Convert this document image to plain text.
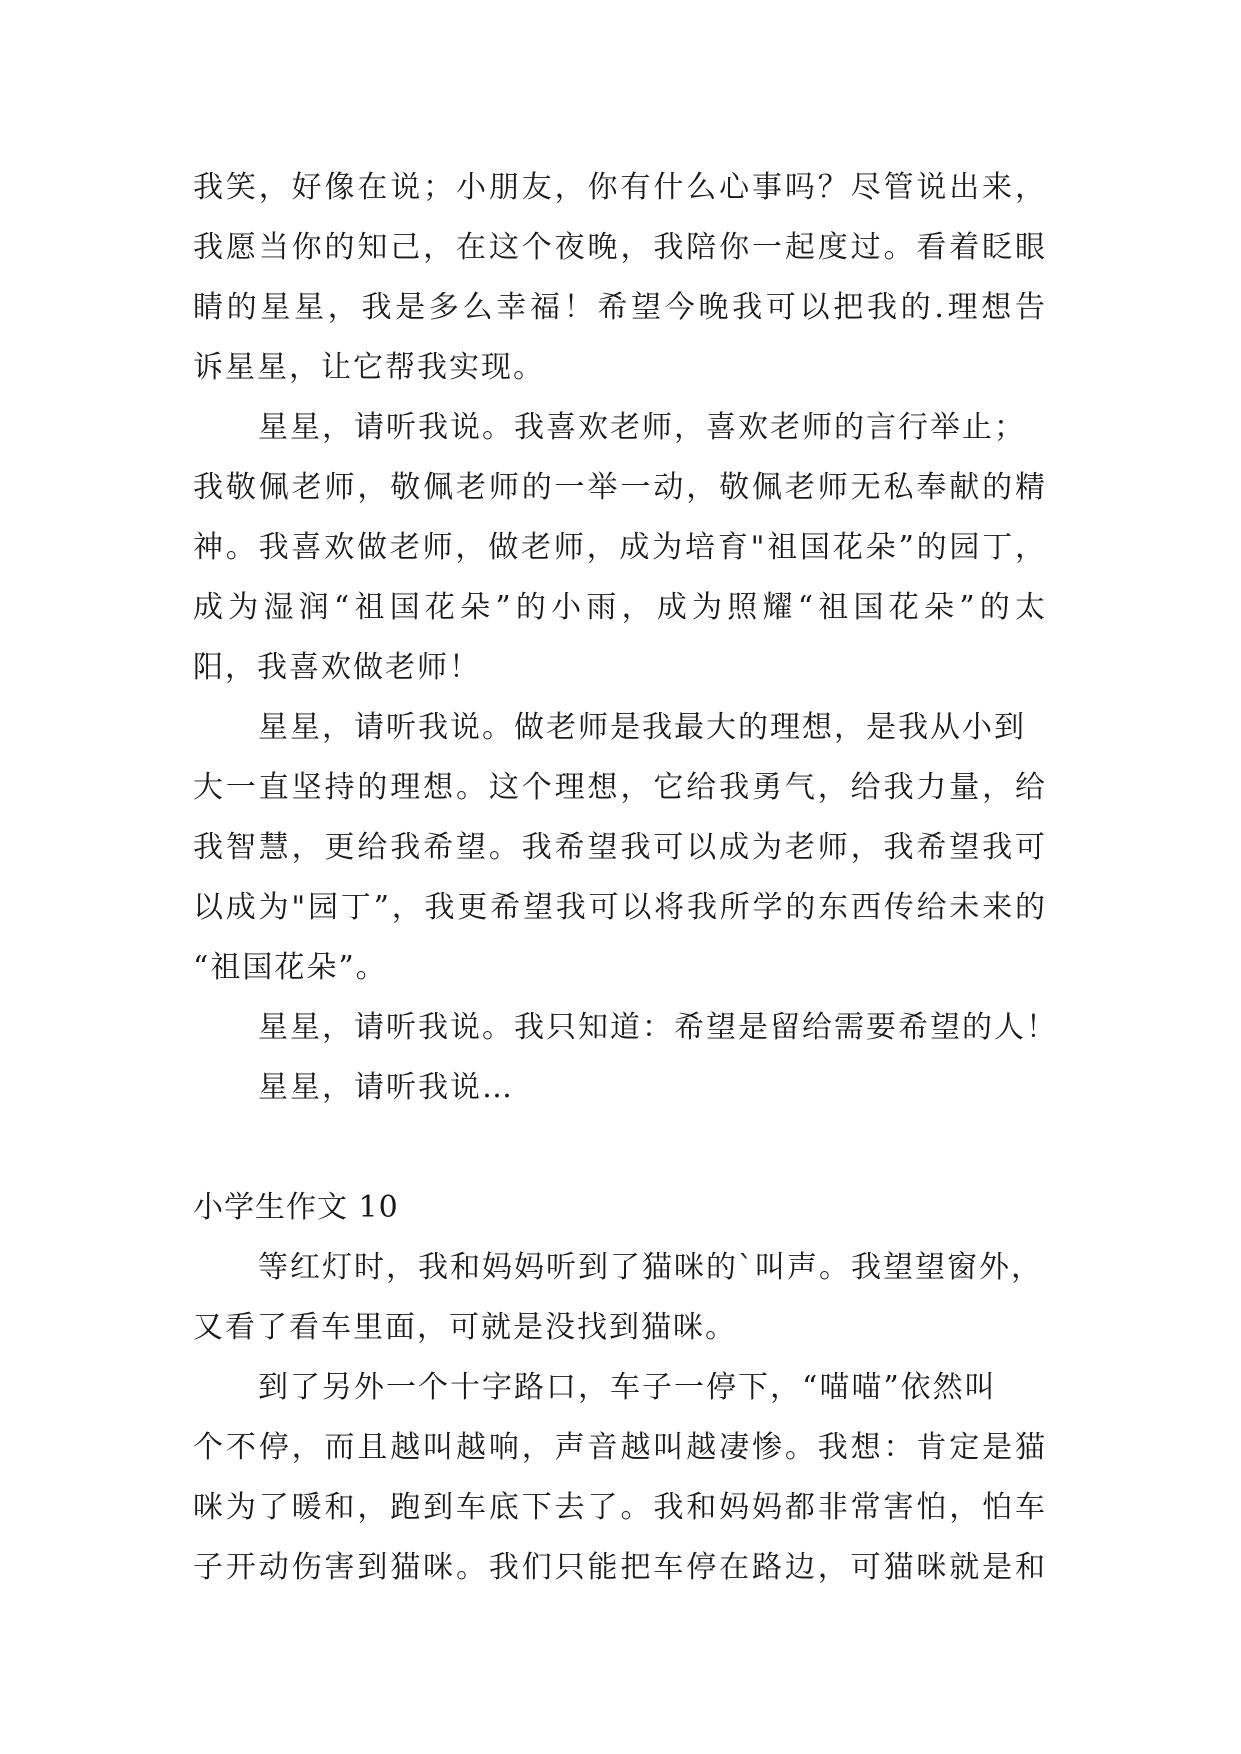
我笑，好像在说；小朋友，你有什么心事吗？尽管说出来，
我愿当你的知己，在这个夜晚，我陪你一起度过。看着眨眼
睛的星星，我是多么幸福！希望今晚我可以把我的.理想告
诉星星，让它帮我实现。
星星，请听我说。我喜欢老师，喜欢老师的言行举止；
我敬佩老师，敬佩老师的一举一动，敬佩老师无私奉献的精
神。我喜欢做老师，做老师，成为培育"祖国花朵”的园丁，
成为湿润“祖国花朵”的小雨，成为照耀“祖国花朵”的太
阳，我喜欢做老师！
星星，请听我说。做老师是我最大的理想，是我从小到
大一直坚持的理想。这个理想，它给我勇气，给我力量，给
我智慧，更给我希望。我希望我可以成为老师，我希望我可
以成为"园丁”，我更希望我可以将我所学的东西传给未来的
“祖国花朵”。
星星，请听我说。我只知道：希望是留给需要希望的人！
星星，请听我说…
小学生作文 10
等红灯时，我和妈妈听到了猫咪的`叫声。我望望窗外，
又看了看车里面，可就是没找到猫咪。
到了另外一个十字路口，车子一停下，“喵喵”依然叫
个不停，而且越叫越响，声音越叫越凄惨。我想：肯定是猫
咪为了暖和，跑到车底下去了。我和妈妈都非常害怕，怕车
子开动伤害到猫咪。我们只能把车停在路边，可猫咪就是和
